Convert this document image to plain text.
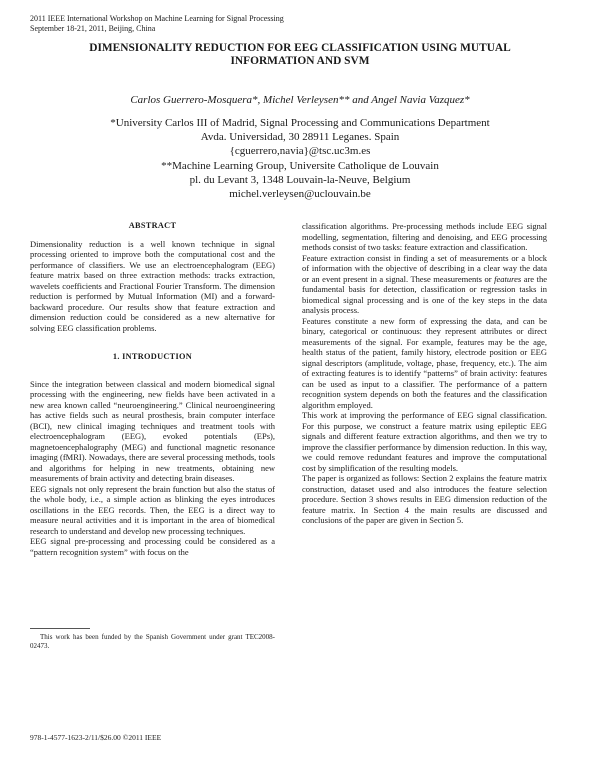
2011 IEEE International Workshop on Machine Learning for Signal Processing
September 18-21, 2011, Beijing, China
DIMENSIONALITY REDUCTION FOR EEG CLASSIFICATION USING MUTUAL
INFORMATION AND SVM
Carlos Guerrero-Mosquera*, Michel Verleysen** and Angel Navia Vazquez*
*University Carlos III of Madrid, Signal Processing and Communications Department
Avda. Universidad, 30 28911 Leganes. Spain
{cguerrero,navia}@tsc.uc3m.es
**Machine Learning Group, Universite Catholique de Louvain
pl. du Levant 3, 1348 Louvain-la-Neuve, Belgium
michel.verleysen@uclouvain.be
ABSTRACT

Dimensionality reduction is a well known technique in signal processing oriented to improve both the computational cost and the performance of classifiers. We use an electroencephalogram (EEG) feature matrix based on three extraction methods: tracks extraction, wavelets coefficients and Fractional Fourier Transform. The dimension reduction is performed by Mutual Information (MI) and a forward-backward procedure. Our results show that feature extraction and dimension reduction could be considered as a new alternative for solving EEG classification problems.

1. INTRODUCTION

Since the integration between classical and modern biomedical signal processing with the engineering, new fields have been activated in a new area known called “neuroengineering.” Clinical neuroengineering has active fields such as neural prosthesis, brain computer interface (BCI), new clinical imaging techniques and treatment tools with electroencephalogram (EEG), evoked potentials (EPs), magnetoencephalography (MEG) and functional magnetic resonance imaging (fMRI). Nowadays, there are several processing methods, tools and algorithms for helping in new treatments, obtaining new measurements of brain activity and detecting brain diseases.

EEG signals not only represent the brain function but also the status of the whole body, i.e., a simple action as blinking the eyes introduces oscillations in the EEG records. Then, the EEG is a direct way to measure neural activities and it is important in the area of biomedical research to understand and develop new processing techniques.

EEG signal pre-processing and processing could be considered as a “pattern recognition system” with focus on the

classification algorithms. Pre-processing methods include EEG signal modelling, segmentation, filtering and denoising, and EEG processing methods consist of two tasks: feature extraction and classification.

Feature extraction consist in finding a set of measurements or a block of information with the objective of describing in a clear way the data or an event present in a signal. These measurements or features are the fundamental basis for detection, classification or regression tasks in biomedical signal processing and is one of the key steps in the data analysis process.

Features constitute a new form of expressing the data, and can be binary, categorical or continuous: they represent attributes or direct measurements of the signal. For example, features may be the age, health status of the patient, family history, electrode position or EEG signal descriptors (amplitude, voltage, phase, frequency, etc.). The aim of extracting features is to identify “patterns” of brain activity: features can be used as input to a classifier. The performance of a pattern recognition system depends on both the features and the classification algorithm employed.

This work at improving the performance of EEG signal classification. For this purpose, we construct a feature matrix using epileptic EEG signals and different feature extraction algorithms, and then we try to improve the classifier performance by dimension reduction. In this way, we could remove redundant features and improve the computational cost by simplification of the resulting models.

The paper is organized as follows: Section 2 explains the feature matrix construction, dataset used and also introduces the feature selection procedure. Section 3 shows results in EEG dimension reduction of the feature matrix. In Section 4 the main results are discussed and conclusions of the paper are given in Section 5.

This work has been funded by the Spanish Government under grant TEC2008-02473.
978-1-4577-1623-2/11/$26.00 ©2011 IEEE
